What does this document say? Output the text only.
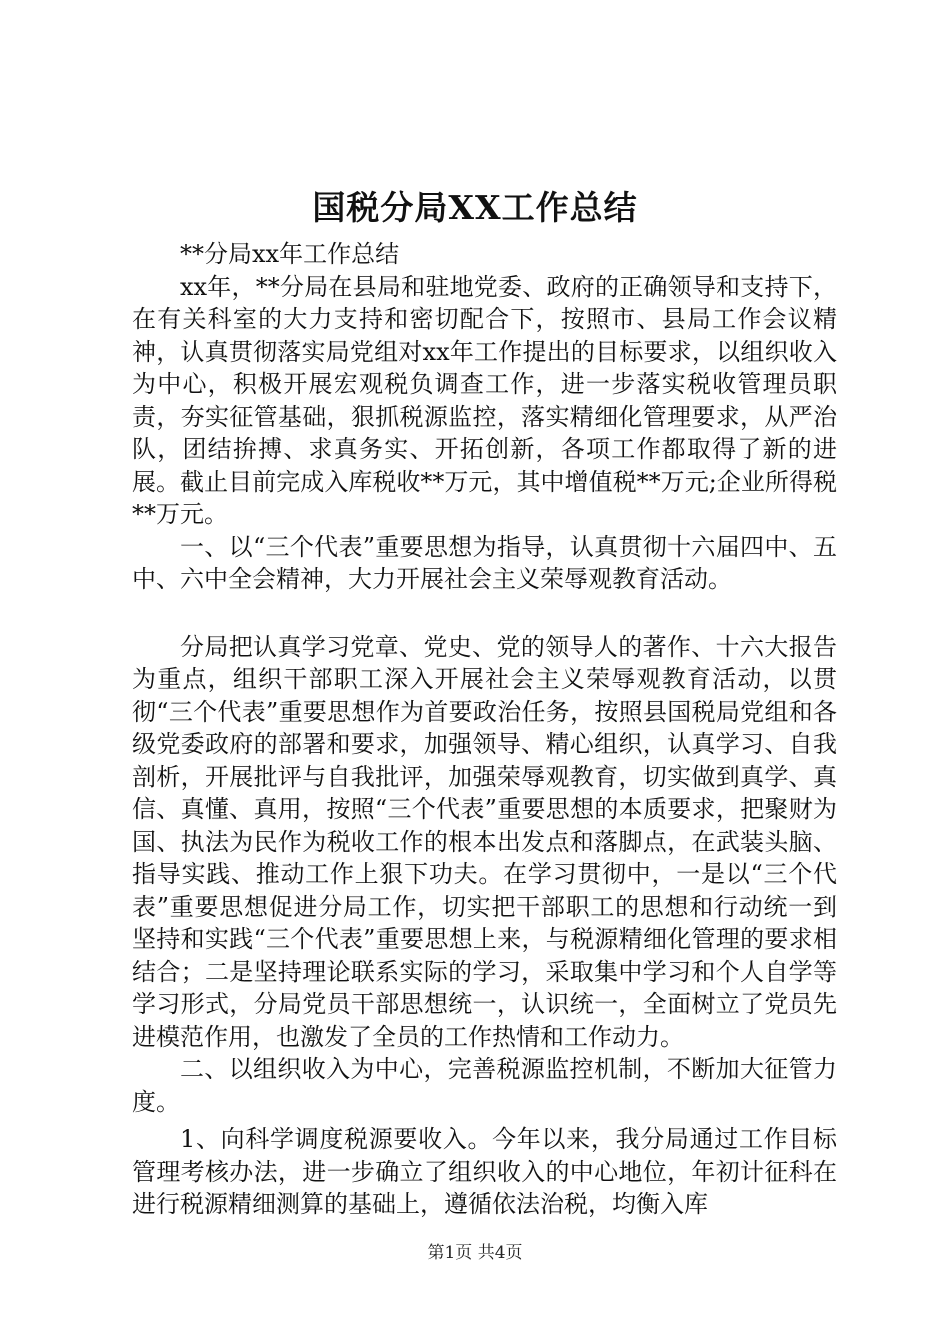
国税分局XX工作总结

**分局xx年工作总结

xx年，**分局在县局和驻地党委、政府的正确领导和支持下，在有关科室的大力支持和密切配合下，按照市、县局工作会议精神，认真贯彻落实局党组对xx年工作提出的目标要求，以组织收入为中心，积极开展宏观税负调查工作，进一步落实税收管理员职责，夯实征管基础，狠抓税源监控，落实精细化管理要求，从严治队，团结拚搏、求真务实、开拓创新，各项工作都取得了新的进展。截止目前完成入库税收**万元，其中增值税**万元;企业所得税**万元。

一、以“三个代表”重要思想为指导，认真贯彻十六届四中、五中、六中全会精神，大力开展社会主义荣辱观教育活动。

分局把认真学习党章、党史、党的领导人的著作、十六大报告为重点，组织干部职工深入开展社会主义荣辱观教育活动，以贯彻“三个代表”重要思想作为首要政治任务，按照县国税局党组和各级党委政府的部署和要求，加强领导、精心组织，认真学习、自我剖析，开展批评与自我批评，加强荣辱观教育，切实做到真学、真信、真懂、真用，按照“三个代表”重要思想的本质要求，把聚财为国、执法为民作为税收工作的根本出发点和落脚点，在武装头脑、指导实践、推动工作上狠下功夫。在学习贯彻中，一是以“三个代表”重要思想促进分局工作，切实把干部职工的思想和行动统一到坚持和实践“三个代表”重要思想上来，与税源精细化管理的要求相结合；二是坚持理论联系实际的学习，采取集中学习和个人自学等学习形式，分局党员干部思想统一，认识统一，全面树立了党员先进模范作用，也激发了全员的工作热情和工作动力。

二、以组织收入为中心，完善税源监控机制，不断加大征管力度。

1、向科学调度税源要收入。今年以来，我分局通过工作目标管理考核办法，进一步确立了组织收入的中心地位，年初计征科在进行税源精细测算的基础上，遵循依法治税，均衡入库

第1页 共4页
